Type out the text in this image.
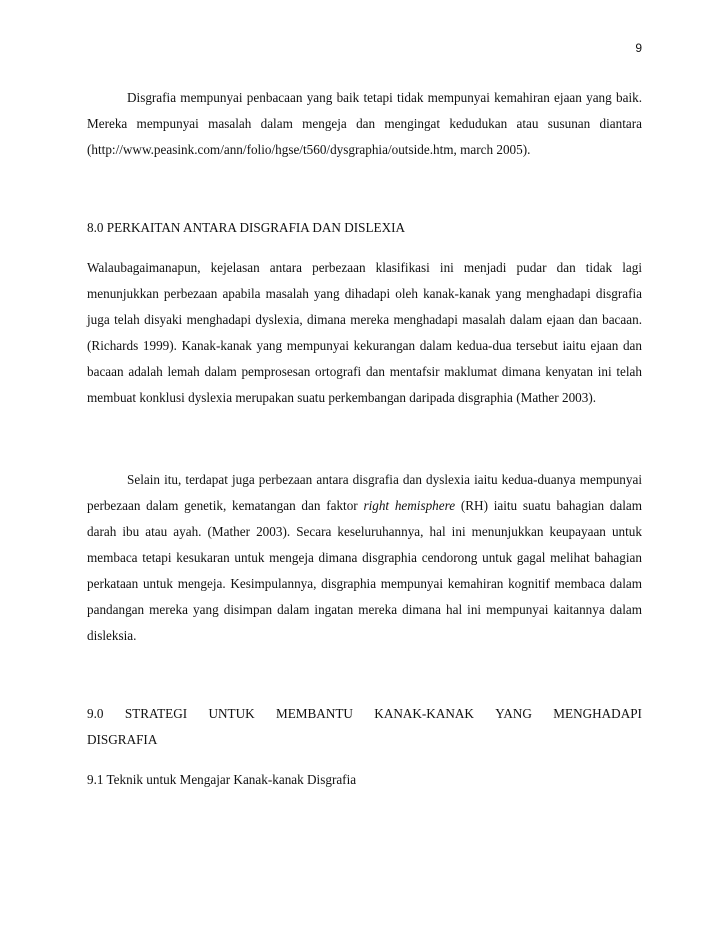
9

Disgrafia mempunyai penbacaan yang baik tetapi tidak mempunyai kemahiran ejaan yang baik. Mereka mempunyai masalah dalam mengeja dan mengingat kedudukan atau susunan diantara (http://www.peasink.com/ann/folio/hgse/t560/dysgraphia/outside.htm, march 2005).

8.0 PERKAITAN ANTARA DISGRAFIA DAN DISLEXIA

Walaubagaimanapun, kejelasan antara perbezaan klasifikasi ini menjadi pudar dan tidak lagi menunjukkan perbezaan apabila masalah yang dihadapi oleh kanak-kanak yang menghadapi disgrafia juga telah disyaki menghadapi dyslexia, dimana mereka menghadapi masalah dalam ejaan dan bacaan. (Richards 1999). Kanak-kanak yang mempunyai kekurangan dalam kedua-dua tersebut iaitu ejaan dan bacaan adalah lemah dalam pemprosesan ortografi dan mentafsir maklumat dimana kenyatan ini telah membuat konklusi dyslexia merupakan suatu perkembangan daripada disgraphia (Mather 2003).

Selain itu, terdapat juga perbezaan antara disgrafia dan dyslexia iaitu kedua-duanya mempunyai perbezaan dalam genetik, kematangan dan faktor right hemisphere (RH) iaitu suatu bahagian dalam darah ibu atau ayah. (Mather 2003). Secara keseluruhannya, hal ini menunjukkan keupayaan untuk membaca tetapi kesukaran untuk mengeja dimana disgraphia cendorong untuk gagal melihat bahagian perkataan untuk mengeja. Kesimpulannya, disgraphia mempunyai kemahiran kognitif membaca dalam pandangan mereka yang disimpan dalam ingatan mereka dimana hal ini mempunyai kaitannya dalam disleksia.

9.0 STRATEGI UNTUK MEMBANTU KANAK-KANAK YANG MENGHADAPI

DISGRAFIA

9.1 Teknik untuk Mengajar Kanak-kanak Disgrafia
